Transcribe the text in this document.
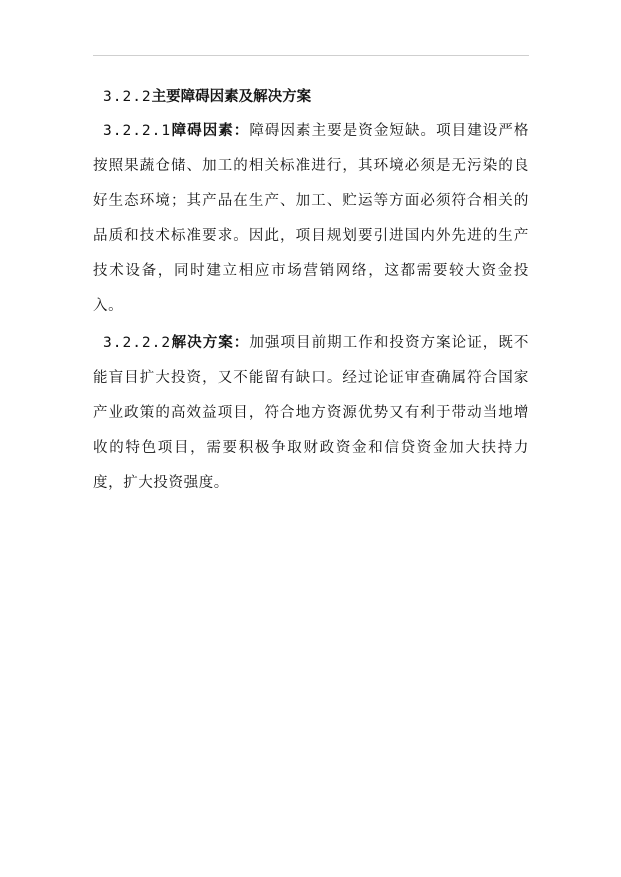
3.2.2主要障碍因素及解决方案

3.2.2.1障碍因素：障碍因素主要是资金短缺。项目建设严格按照果蔬仓储、加工的相关标准进行，其环境必须是无污染的良好生态环境；其产品在生产、加工、贮运等方面必须符合相关的品质和技术标准要求。因此，项目规划要引进国内外先进的生产技术设备，同时建立相应市场营销网络，这都需要较大资金投入。

3.2.2.2解决方案：加强项目前期工作和投资方案论证，既不能盲目扩大投资，又不能留有缺口。经过论证审查确属符合国家产业政策的高效益项目，符合地方资源优势又有利于带动当地增收的特色项目，需要积极争取财政资金和信贷资金加大扶持力度，扩大投资强度。
